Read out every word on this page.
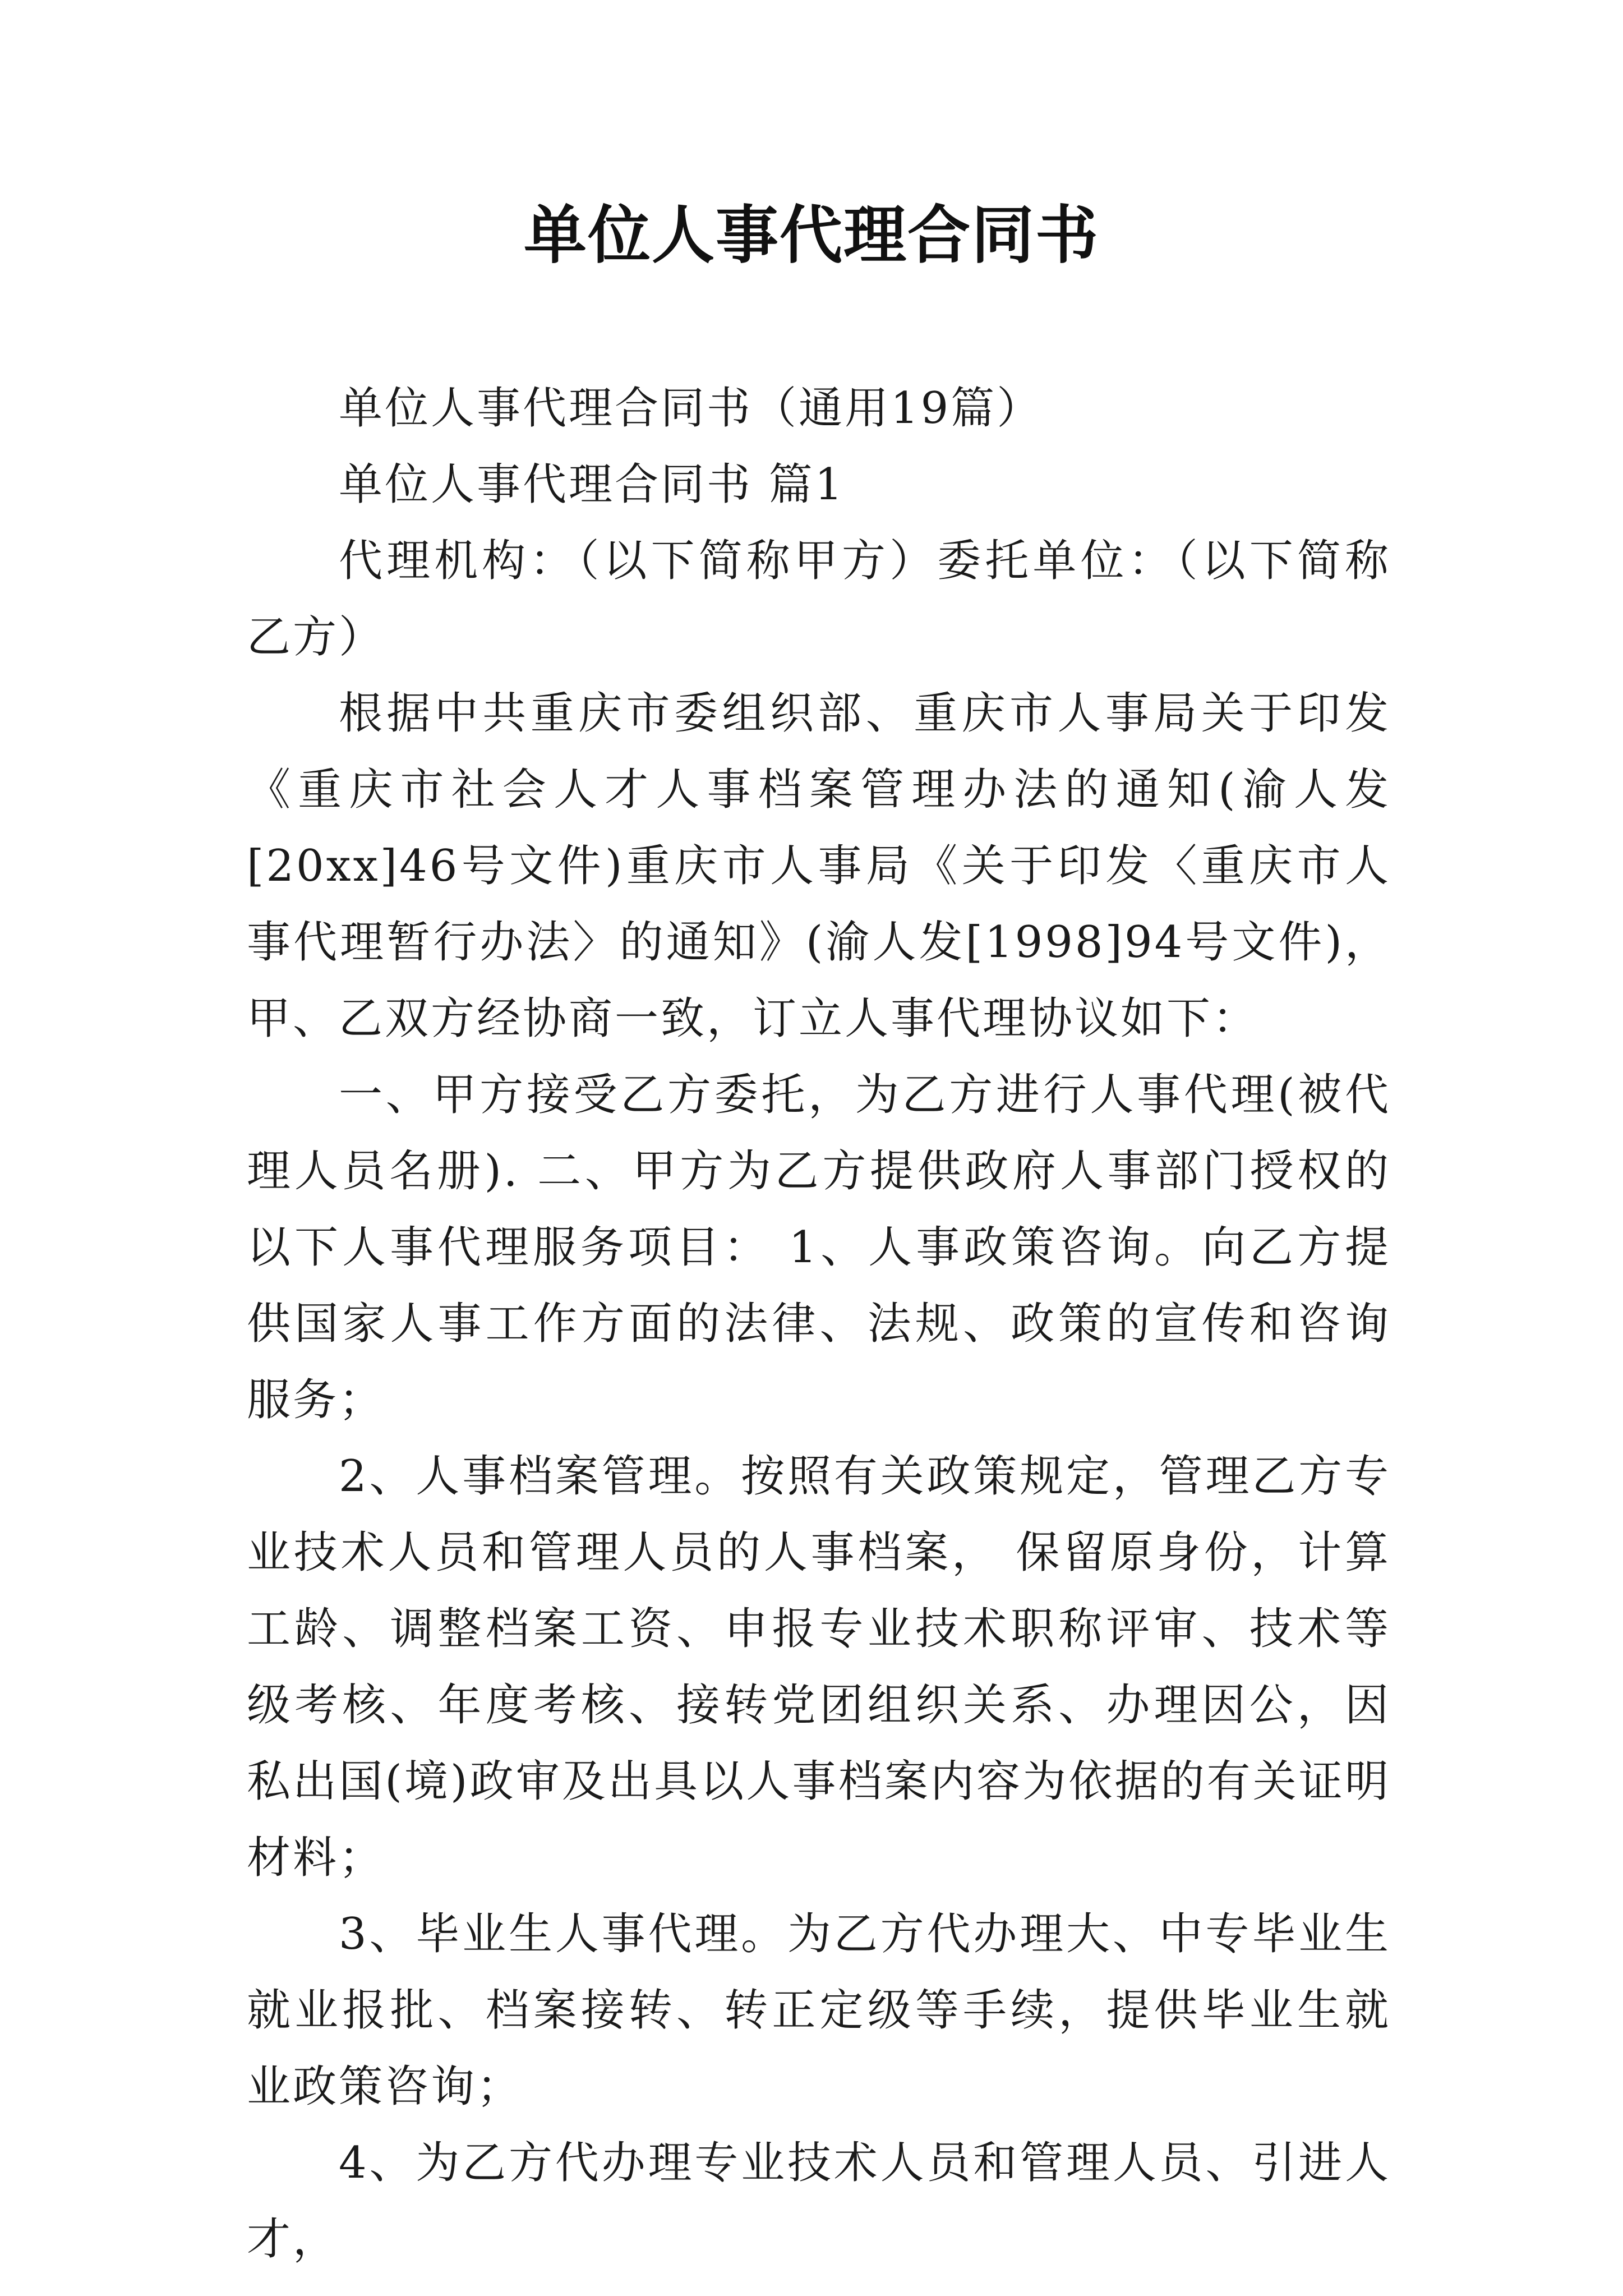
单位人事代理合同书

单位人事代理合同书（通用19篇）

单位人事代理合同书 篇1

代理机构：（以下简称甲方）委托单位：（以下简称乙方）

根据中共重庆市委组织部、重庆市人事局关于印发《重庆市社会人才人事档案管理办法的通知(渝人发[20xx]46号文件)重庆市人事局《关于印发〈重庆市人事代理暂行办法〉的通知》(渝人发[1998]94号文件)，甲、乙双方经协商一致，订立人事代理协议如下：

一、甲方接受乙方委托，为乙方进行人事代理(被代理人员名册). 二、甲方为乙方提供政府人事部门授权的以下人事代理服务项目： 1、人事政策咨询。向乙方提供国家人事工作方面的法律、法规、政策的宣传和咨询服务；

2、人事档案管理。按照有关政策规定，管理乙方专业技术人员和管理人员的人事档案， 保留原身份，计算工龄、调整档案工资、申报专业技术职称评审、技术等级考核、年度考核、接转党团组织关系、办理因公，因私出国(境)政审及出具以人事档案内容为依据的有关证明材料；

3、毕业生人事代理。为乙方代办理大、中专毕业生就业报批、档案接转、转正定级等手续，提供毕业生就业政策咨询；

4、为乙方代办理专业技术人员和管理人员、引进人才，
